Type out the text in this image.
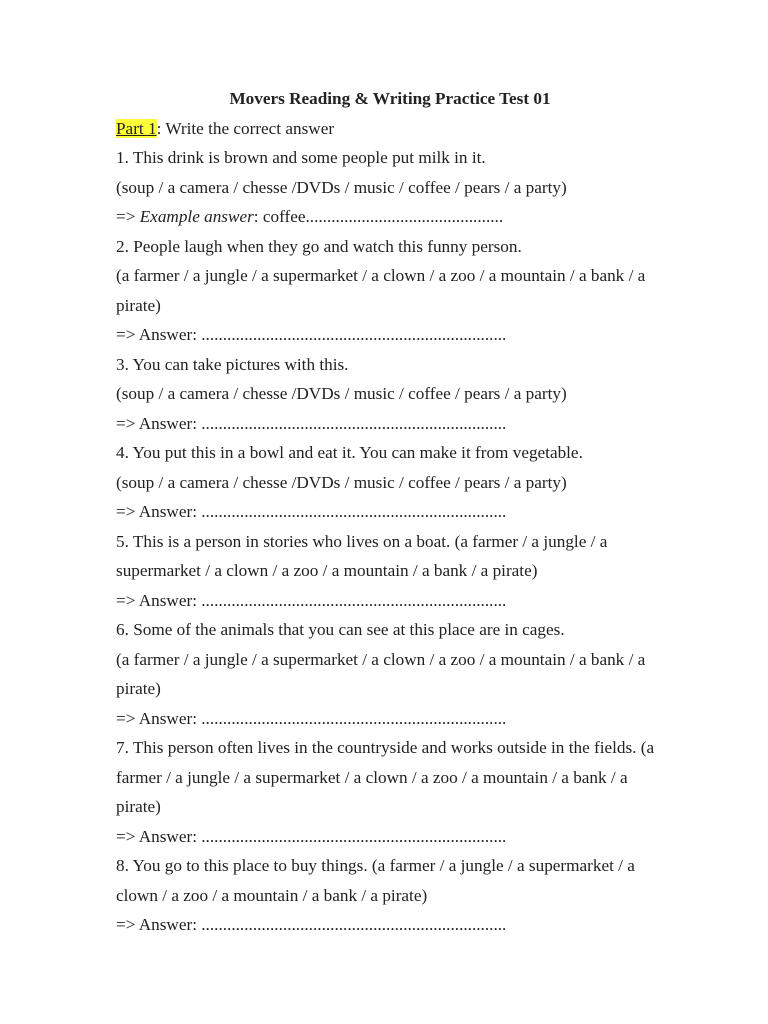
Movers Reading & Writing Practice Test 01

Part 1: Write the correct answer

1. This drink is brown and some people put milk in it.

(soup / a camera / chesse /DVDs / music / coffee / pears / a party)

=> Example answer: coffee..............................................

2. People laugh when they go and watch this funny person.

(a farmer / a jungle / a supermarket / a clown / a zoo / a mountain / a bank / a pirate)

=> Answer: .......................................................................

3. You can take pictures with this.

(soup / a camera / chesse /DVDs / music / coffee / pears / a party)

=> Answer: .......................................................................

4. You put this in a bowl and eat it. You can make it from vegetable.

(soup / a camera / chesse /DVDs / music / coffee / pears / a party)

=> Answer: .......................................................................

5. This is a person in stories who lives on a boat. (a farmer / a jungle / a supermarket / a clown / a zoo / a mountain / a bank / a pirate)

=> Answer: .......................................................................

6. Some of the animals that you can see at this place are in cages.

(a farmer / a jungle / a supermarket / a clown / a zoo / a mountain / a bank / a pirate)

=> Answer: .......................................................................

7. This person often lives in the countryside and works outside in the fields. (a farmer / a jungle / a supermarket / a clown / a zoo / a mountain / a bank / a pirate)

=> Answer: .......................................................................

8. You go to this place to buy things. (a farmer / a jungle / a supermarket / a clown / a zoo / a mountain / a bank / a pirate)

=> Answer: .......................................................................
